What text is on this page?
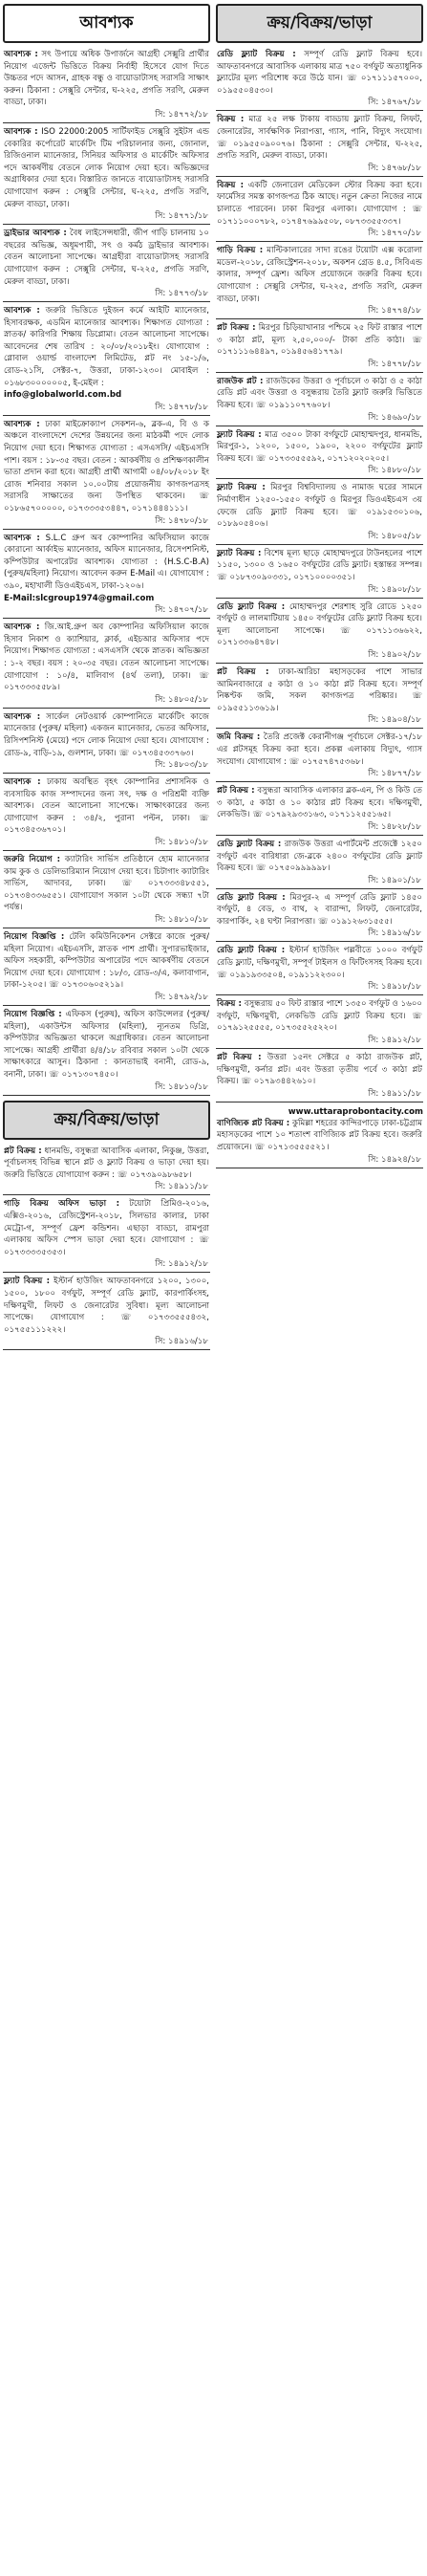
আবশ্যক

আবশ্যক : সৎ উপায়ে অধিক উপার্জনে আগ্রহী সেক্সুরি প্রার্থীর নিয়োগ এজেন্ট ভিত্তিতে বিক্রয় নির্বাহী হিসেবে যোগ দিতে উচ্চতর পদে আসন, গ্রাহক বন্ধু ও বায়োডাটাসহ সরাসরি সাক্ষাৎ করুন। ঠিকানা : সেক্সুরি সেন্টার, ঘ-২২৫, প্রগতি সরণি, মেরুল বাড্ডা, ঢাকা।

সি: ১৪৭৭২/১৮

আবশ্যক : ISO 22000:2005 সার্টিফাইড সেক্সুরি সুইটস এন্ড বেকারির কর্পোরেট মার্কেটিং টিম পরিচালনার জন্য, জোনাল, রিজিওনাল ম্যানেজার, সিনিয়র অফিসার ও মার্কেটিং অফিসার পদে আকর্ষণীয় বেতনে লোক নিয়োগ দেয়া হবে। অভিজ্ঞদের অগ্রাধিকার দেয়া হবে। বিস্তারিত জানতে বায়োডাটাসহ সরাসরি যোগাযোগ করুন : সেক্সুরি সেন্টার, ঘ-২২৫, প্রগতি সরণি, মেরুল বাড্ডা, ঢাকা।

সি: ১৪৭৭১/১৮

ড্রাইভার আবশ্যক : বৈধ লাইসেন্সধারী, জীপ গাড়ি চালনায় ১০ বছরের অভিজ্ঞ, অধূমপায়ী, সৎ ও কর্মঠ ড্রাইভার আবশ্যক। বেতন আলোচনা সাপেক্ষে। আগ্রহীরা বায়োডাটাসহ সরাসরি যোগাযোগ করুন : সেক্সুরি সেন্টার, ঘ-২২৫, প্রগতি সরণি, মেরুল বাড্ডা, ঢাকা।

সি: ১৪৭৭৩/১৮

আবশ্যক : জরুরি ভিত্তিতে দুইজন কর্মে আইটি ম্যানেজার, হিসাবরক্ষক, এডমিন ম্যানেজার আবশ্যক। শিক্ষাগত যোগ্যতা : স্নাতক/ কারিগরি শিক্ষায় ডিপ্লোমা। বেতন আলোচনা সাপেক্ষে। আবেদনের শেষ তারিখ : ২০/০৮/২০১৮ইং। যোগাযোগ : গ্লোবাল ওয়ার্ল্ড বাংলাদেশ লিমিটেড, প্লট নং ১৫-১/৬, রোড-২১সি, সেক্টর-৭, উত্তরা, ঢাকা-১২৩০। মোবাইল : ০১৬৮৩০০০০০০৫, ই-মেইল :
info@globalworld.com.bd

সি: ১৪৭৭৮/১৮

আবশ্যক : ঢাকা মাইক্রোক্যাপ সেকশন-৬, ব্লক-এ, বি ও ক অঞ্চলে বাংলাদেশে দেশের উন্নয়নের জন্য মাঠকর্মী পদে লোক নিয়োগ দেয়া হবে। শিক্ষাগত যোগ্যতা : এসএসসি/ এইচএসসি পাশ। বয়স : ১৮-৩৫ বছর। বেতন : আকর্ষণীয় ও প্রশিক্ষণকালীন ভাতা প্রদান করা হবে। আগ্রহী প্রার্থী আগামী ০৪/০৮/২০১৮ ইং রোজ শনিবার সকাল ১০.০০টায় প্রয়োজনীয় কাগজপত্রসহ সরাসরি সাক্ষাতের জন্য উপস্থিত থাকবেন। ☏ ০১৮৬৫৭০০০০০, ০১৭৩৩৩৫৩৪৪৭, ০১৭১৪৪৪১১১।

সি: ১৪৭৮০/১৮

আবশ্যক : S.L.C গ্রুপ অব কোম্পানির অফিসিয়াল কাজে কোরানো আর্কাইভ ম্যানেজার, অফিস ম্যানেজার, রিসেপশনিস্ট, কম্পিউটার অপারেটর আবশ্যক। যোগ্যতা : (H.S.C-B.A) (পুরুষ/মহিলা) নিয়োগ। আবেদন করুন E-Mail এ। যোগাযোগ : ৩৯০, মহাখালী ডিওএইচএস, ঢাকা-১২০৬।
E-Mail:slcgroup1974@gmail.com

সি: ১৪৭০৭/১৮

আবশ্যক : জি.আই.গ্রুপ অব কোম্পানির অফিসিয়াল কাজে হিসাব নিকাশ ও ক্যাশিয়ার, ক্লার্ক, এইচআর অফিসার পদে নিয়োগ। শিক্ষাগত যোগ্যতা : এসএসসি থেকে স্নাতক। অভিজ্ঞতা : ১-২ বছর। বয়স : ২০-৩৫ বছর। বেতন আলোচনা সাপেক্ষে। যোগাযোগ : ১০/৪, মালিবাগ (৪র্থ তলা), ঢাকা। ☏ ০১৭৩৩৩৫৫৮৯।

সি: ১৪৮০৫/১৮

আবশ্যক : সার্কেল নেটওয়ার্ক কোম্পানিতে মার্কেটিং কাজে ম্যানেজার (পুরুষ/ মহিলা) একজন ম্যানেজার, ভেতর অফিসার, রিসিপশনিস্ট (মেয়ে) পদে লোক নিয়োগ দেয়া হবে। যোগাযোগ : রোড-৯, বাড়ি-১৯, গুলশান, ঢাকা। ☏ ০১৭৩৪৫৩৩৭৬৩।

সি: ১৪৮০৩/১৮

আবশ্যক : ঢাকায় অবস্থিত বৃহৎ কোম্পানির প্রশাসনিক ও ব্যবসায়িক কাজ সম্পাদনের জন্য সৎ, দক্ষ ও পরিশ্রমী ব্যক্তি আবশ্যক। বেতন আলোচনা সাপেক্ষে। সাক্ষাৎকারের জন্য যোগাযোগ করুন : ৩৪/২, পুরানা পল্টন, ঢাকা। ☏ ০১৭৩৪৫৩৬৭০১।

সি: ১৪৮১০/১৮

জরুরি নিয়োগ : ক্যাটারিং সার্ভিস প্রতিষ্ঠানে হোম ম্যানেজার কাম কুক ও ডেলিভারিম্যান নিয়োগ দেয়া হবে। চিটাগাং ক্যাটারিং সার্ভিস, আদাবর, ঢাকা। ☏ ০১৭৩৩৩৪৮৫৫১, ০১৭৩৪৩৩৬৫৫১। যোগাযোগ সকাল ১০টা থেকে সন্ধ্যা ৭টা পর্যন্ত।

সি: ১৪৮১০/১৮

নিয়োগ বিজ্ঞপ্তি : টেলি কমিউনিকেশন সেক্টরে কাজে পুরুষ/মহিলা নিয়োগ। এইচএসসি, স্নাতক পাশ প্রার্থী। সুপারভাইজার, অফিস সহকারী, কম্পিউটার অপারেটর পদে আকর্ষণীয় বেতনে নিয়োগ দেয়া হবে। যোগাযোগ : ১৮/৩, রোড-৩/এ, কলাবাগান, ঢাকা-১২০৫। ☏ ০১৭৩০৬০৫২১৯।

সি: ১৪৭৯২/১৮

নিয়োগ বিজ্ঞপ্তি : এফিকস (পুরুষ), অফিস কাউন্সেলর (পুরুষ/ মহিলা), একাউন্টস অফিসার (মহিলা), ন্যূনতম ডিগ্রি, কম্পিউটার অভিজ্ঞতা থাকলে অগ্রাধিকার। বেতন আলোচনা সাপেক্ষে। আগ্রহী প্রার্থীরা ৪/৪/১৮ রবিবার সকাল ১০টা থেকে সাক্ষাৎকারে আসুন। ঠিকানা : কানতাভাই বনানী, রোড-৯, বনানী, ঢাকা। ☏ ০১৭১৩০৭৪৫০।

সি: ১৪৮১০/১৮
ক্রয়/বিক্রয়/ভাড়া

প্লট বিক্রয় : ধানমন্ডি, বসুন্ধরা আবাসিক এলাকা, নিকুঞ্জ, উত্তরা, পূর্বাচলসহ বিভিন্ন স্থানে প্লট ও ফ্ল্যাট বিক্রয় ও ভাড়া দেয়া হয়। জরুরি ভিত্তিতে যোগাযোগ করুন : ☏ ০১৭৩৯০৯৮৬৫৮।

সি: ১৪৯১১/১৮

গাড়ি বিক্রয় অফিস ভাড়া : টয়োটা প্রিমিও-২০১৬, এক্সিও-২০১৬, রেজিস্ট্রেশন-২০১৮, সিলভার কালার, ঢাকা মেট্রো-গ, সম্পূর্ণ ফ্রেশ কন্ডিশন। এছাড়া বাড্ডা, রামপুরা এলাকায় অফিস স্পেস ভাড়া দেয়া হবে। যোগাযোগ : ☏ ০১৭৩৩৩৩৫৩৫৩।

সি: ১৪৯১২/১৮

ফ্ল্যাট বিক্রয় : ইস্টার্ন হাউজিং আফতাবনগরে ১২০০, ১৩০০, ১৫০০, ১৮০০ বর্গফুট, সম্পূর্ণ রেডি ফ্ল্যাট, কারপার্কিংসহ, দক্ষিণমুখী, লিফট ও জেনারেটর সুবিধা। মূল্য আলোচনা সাপেক্ষে। যোগাযোগ : ☏ ০১৭৩৩৫৫৫৪৩২, ০১৭৫৫১১১২২২।

সি: ১৪৯১৬/১৮
ক্রয়/বিক্রয়/ভাড়া

রেডি ফ্ল্যাট বিক্রয় : সম্পূর্ণ রেডি ফ্ল্যাট বিক্রয় হবে। আফতাবনগরে আবাসিক এলাকায় মাত্র ৭৫০ বর্গফুট অত্যাধুনিক ফ্ল্যাটের মূল্য পরিশোধ করে উঠে যান। ☏ ০১৭১১১৫৭০০০, ০১৯৫৫০৪৫৩০।

সি: ১৪৭৬৭/১৮

বিক্রয় : মাত্র ২৫ লক্ষ টাকায় বাড্ডায় ফ্ল্যাট বিক্রয়, লিফট, জেনারেটর, সার্বক্ষণিক নিরাপত্তা, গ্যাস, পানি, বিদ্যুৎ সংযোগ। ☏ ০১৯৫৫০৯০০৭৬। ঠিকানা : সেক্সুরি সেন্টার, ঘ-২২৫, প্রগতি সরণি, মেরুল বাড্ডা, ঢাকা।

সি: ১৪৭৬৮/১৮

বিক্রয় : একটি জেনারেল মেডিকেল স্টোর বিক্রয় করা হবে। ফার্মেসির সমস্ত কাগজপত্র ঠিক আছে। নতুন ক্রেতা নিজের নামে চালাতে পারবেন। ঢাকা মিরপুর এলাকা। যোগাযোগ : ☏ ০১৭১১০০০৭৮২, ০১৭৪৭৬৯৯৫০৮, ০৮৭৩৩৫৫৩৩৭।

সি: ১৪৭৭০/১৮

গাড়ি বিক্রয় : মাল্টিকালারের সাদা রঙের টয়োটা এক্স করোলা মডেল-২০১৮, রেজিস্ট্রেশন-২০১৮, অকশন গ্রেড ৪.৫, সিবিএন্ড কালার, সম্পূর্ণ ফ্রেশ। অফিস প্রয়োজনে জরুরি বিক্রয় হবে। যোগাযোগ : সেক্সুরি সেন্টার, ঘ-২২৫, প্রগতি সরণি, মেরুল বাড্ডা, ঢাকা।

সি: ১৪৭৭৪/১৮

প্লট বিক্রয় : মিরপুর চিড়িয়াখানার পশ্চিমে ২৫ ফিট রাস্তার পাশে ৩ কাঠা প্লট, মূল্য ২,৫০,০০০/- টাকা প্রতি কাঠা। ☏ ০১৭১১১৬৪৪৯৭, ০১৯৪৫৬৪১৭৭৯।

সি: ১৪৭৭৮/১৮

রাজউক প্লট : রাজউকের উত্তরা ও পূর্বাচলে ৩ কাঠা ও ৫ কাঠা রেডি প্লট এবং উত্তরা ও বসুন্ধরায় তৈরি ফ্ল্যাট জরুরি ভিত্তিতে বিক্রয় হবে। ☏ ০১৯১১০৭৭৬০৮।

সি: ১৪৬৯০/১৮

ফ্ল্যাট বিক্রয় : মাত্র ৩৫০০ টাকা বর্গফুটে মোহাম্মদপুর, ধানমন্ডি, মিরপুর-১, ১২০০, ১৫০০, ১৯০০, ২২০০ বর্গফুটের ফ্ল্যাট বিক্রয় হবে। ☏ ০১৭৩৩৫৫৫৯২, ০১৭১২০২০২০৫।

সি: ১৪৮৮০/১৮

ফ্ল্যাট বিক্রয় : মিরপুর বিশ্ববিদ্যালয় ও নামাজ ঘরের সামনে নির্মাণাধীন ১২৫০-১৫৫০ বর্গফুট ও মিরপুর ডিওএইচএস ৩য় ফেজে রেডি ফ্ল্যাট বিক্রয় হবে। ☏ ০১৯১৫৩০১০৬, ০১৮৯০৫৪০৬।

সি: ১৪৮০৫/১৮

ফ্ল্যাট বিক্রয় : বিশেষ মূল্য ছাড়ে মোহাম্মদপুরে টাউনহলের পাশে ১১৫০, ১৩০০ ও ১৬৫০ বর্গফুটের রেডি ফ্ল্যাট। হস্তান্তর সম্পন্ন। ☏ ০১৮৭৩০৯০৩৩১, ০১৭১০০০০৩৫১।

সি: ১৪৯০৮/১৮

রেডি ফ্ল্যাট বিক্রয় : মোহাম্মদপুর শেরশাহ সুরি রোডে ১২৫০ বর্গফুট ও লালমাটিয়ায় ১৪৫০ বর্গফুটের রেডি ফ্ল্যাট বিক্রয় হবে। মূল্য আলোচনা সাপেক্ষে। ☏ ০১৭১১৩৬৬২২, ০১৭১৩৩৬৪৭৪৮।

সি: ১৪৯০২/১৮

প্লট বিক্রয় : ঢাকা-আরিচা মহাসড়কের পাশে সাভার আমিনবাজারে ৫ কাঠা ও ১০ কাঠা প্লট বিক্রয় হবে। সম্পূর্ণ নিষ্কণ্টক জমি, সকল কাগজপত্র পরিষ্কার। ☏ ০১৯৫৫১১৩৬১৯।

সি: ১৪৯০৪/১৮

জমি বিক্রয় : তৈরি প্রজেক্ট কেরানীগঞ্জ পূর্বাচলে সেক্টর-১৭/১৮ এর প্লটসমূহ বিক্রয় করা হবে। প্রকল্প এলাকায় বিদ্যুৎ, গ্যাস সংযোগ। যোগাযোগ : ☏ ০১৭৫৭৪৭৫৩৬৮।

সি: ১৪৮৭৭/১৮

প্লট বিক্রয় : বসুন্ধরা আবাসিক এলাকার ব্লক-এন, পি ও কিউ তে ৩ কাঠা, ৫ কাঠা ও ১০ কাঠার প্লট বিক্রয় হবে। দক্ষিণমুখী, লেকভিউ। ☏ ০১৭৯২৯৩৩১৬৩, ০১৭১১২৫৫১৬৫।

সি: ১৪৮২৮/১৮

রেডি ফ্ল্যাট বিক্রয় : রাজউক উত্তরা এপার্টমেন্ট প্রজেক্টে ১২৫০ বর্গফুট এবং বারিধারা জে-ব্লকে ২৪০০ বর্গফুটের রেডি ফ্ল্যাট বিক্রয় হবে। ☏ ০১৭৫০৯৯৯৯৯৮।

সি: ১৪৯০১/১৮

রেডি ফ্ল্যাট বিক্রয় : মিরপুর-২ এ সম্পূর্ণ রেডি ফ্ল্যাট ১৪৫০ বর্গফুট, ৪ বেড, ৩ বাথ, ২ বারান্দা, লিফট, জেনারেটর, কারপার্কিং, ২৪ ঘণ্টা নিরাপত্তা। ☏ ০১৯১২৬৩১৫৫৫।

সি: ১৪৯১৬/১৮

রেডি ফ্ল্যাট বিক্রয় : ইস্টার্ন হাউজিং পল্লবীতে ১০০০ বর্গফুট রেডি ফ্ল্যাট, দক্ষিণমুখী, সম্পূর্ণ টাইলস ও ফিটিংসসহ বিক্রয় হবে। ☏ ০১৯১৯৩৩৫০৪, ০১৯১১২২৩০০।

সি: ১৪৯১৮/১৮

বিক্রয় : বসুন্ধরায় ৫০ ফিট রাস্তার পাশে ১৩৫০ বর্গফুট ও ১৬০০ বর্গফুট, দক্ষিণমুখী, লেকভিউ রেডি ফ্ল্যাট বিক্রয় হবে। ☏ ০১৭৯১২৫৫৫৫, ০১৭৩৫৫২৫২২০।

সি: ১৪৯১২/১৮

প্লট বিক্রয় : উত্তরা ১৫নং সেক্টরে ৫ কাঠা রাজউক প্লট, দক্ষিণমুখী, কর্নার প্লট। এবং উত্তরা তৃতীয় পর্বে ৩ কাঠা প্লট বিক্রয়। ☏ ০১৭৯৩৪৪২৬১০।

সি: ১৪৯১১/১৮
www.uttaraprobontacity.com

বাণিজ্যিক প্লট বিক্রয় : কুমিল্লা শহরের কান্দিরপাড়ে ঢাকা-চট্টগ্রাম মহাসড়কের পাশে ১০ শতাংশ বাণিজ্যিক প্লট বিক্রয় হবে। জরুরি প্রয়োজনে। ☏ ০১৭১৩৫৫৫৫২১।

সি: ১৪৯২৪/১৮
